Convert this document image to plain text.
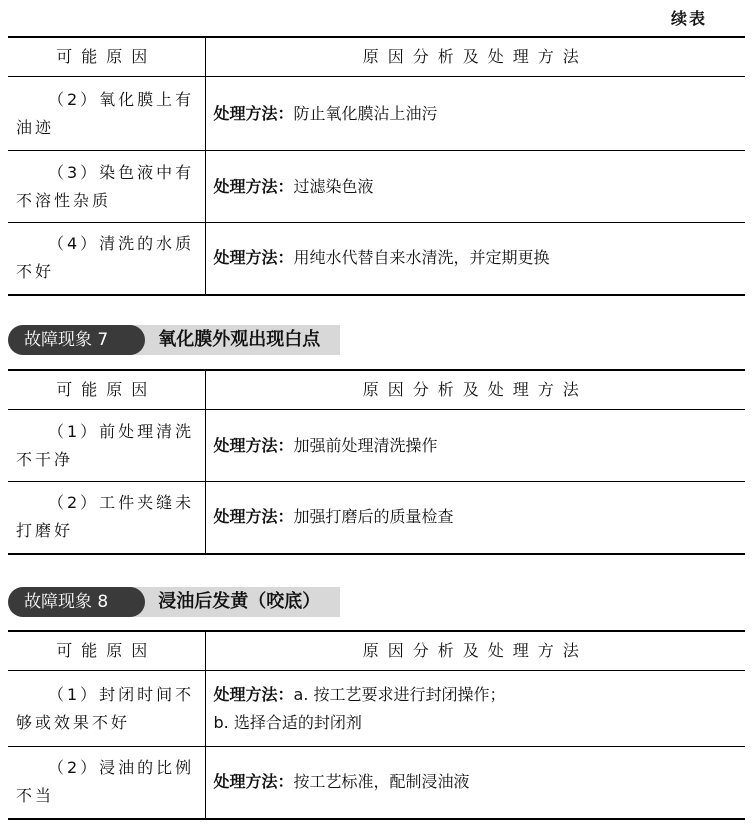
续表
可能原因	原因分析及处理方法
（2）氧化膜上有油迹	处理方法：防止氧化膜沾上油污
（3）染色液中有不溶性杂质	处理方法：过滤染色液
（4）清洗的水质不好	处理方法：用纯水代替自来水清洗，并定期更换
故障现象 7	氧化膜外观出现白点
可能原因	原因分析及处理方法
（1）前处理清洗不干净	处理方法：加强前处理清洗操作
（2）工件夹缝未打磨好	处理方法：加强打磨后的质量检查
故障现象 8	浸油后发黄（咬底）
可能原因	原因分析及处理方法
（1）封闭时间不够或效果不好	处理方法：a. 按工艺要求进行封闭操作；
b. 选择合适的封闭剂

（2）浸油的比例不当	处理方法：按工艺标准，配制浸油液
